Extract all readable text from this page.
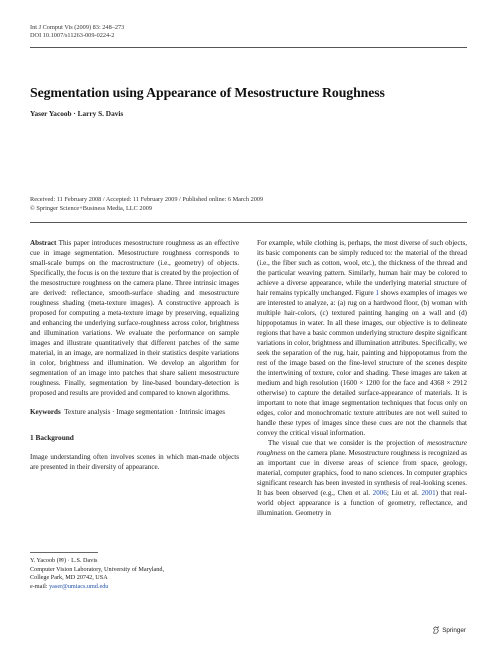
Int J Comput Vis (2009) 83: 248–273
DOI 10.1007/s11263-009-0224-2
Segmentation using Appearance of Mesostructure Roughness
Yaser Yacoob · Larry S. Davis
Received: 11 February 2008 / Accepted: 11 February 2009 / Published online: 6 March 2009
© Springer Science+Business Media, LLC 2009

Abstract This paper introduces mesostructure roughness as an effective cue in image segmentation. Mesostructure roughness corresponds to small-scale bumps on the macrostructure (i.e., geometry) of objects. Specifically, the focus is on the texture that is created by the projection of the mesostructure roughness on the camera plane. Three intrinsic images are derived: reflectance, smooth-surface shading and mesostructure roughness shading (meta-texture images). A constructive approach is proposed for computing a meta-texture image by preserving, equalizing and enhancing the underlying surface-roughness across color, brightness and illumination variations. We evaluate the performance on sample images and illustrate quantitatively that different patches of the same material, in an image, are normalized in their statistics despite variations in color, brightness and illumination. We develop an algorithm for segmentation of an image into patches that share salient mesostructure roughness. Finally, segmentation by line-based boundary-detection is proposed and results are provided and compared to known algorithms.

Keywords Texture analysis · Image segmentation · Intrinsic images

1 Background

Image understanding often involves scenes in which man-made objects are presented in their diversity of appearance.

Y. Yacoob (✉) · L.S. Davis
Computer Vision Laboratory, University of Maryland,
College Park, MD 20742, USA
e-mail: yaser@umiacs.umd.edu

For example, while clothing is, perhaps, the most diverse of such objects, its basic components can be simply reduced to: the material of the thread (i.e., the fiber such as cotton, wool, etc.), the thickness of the thread and the particular weaving pattern. Similarly, human hair may be colored to achieve a diverse appearance, while the underlying material structure of hair remains typically unchanged. Figure 1 shows examples of images we are interested to analyze, a: (a) rug on a hardwood floor, (b) woman with multiple hair-colors, (c) textured painting hanging on a wall and (d) hippopotamus in water. In all these images, our objective is to delineate regions that have a basic common underlying structure despite significant variations in color, brightness and illumination attributes. Specifically, we seek the separation of the rug, hair, painting and hippopotamus from the rest of the image based on the fine-level structure of the scenes despite the intertwining of texture, color and shading. These images are taken at medium and high resolution (1600 × 1200 for the face and 4368 × 2912 otherwise) to capture the detailed surface-appearance of materials. It is important to note that image segmentation techniques that focus only on edges, color and monochromatic texture attributes are not well suited to handle these types of images since these cues are not the channels that convey the critical visual information.

The visual cue that we consider is the projection of mesostructure roughness on the camera plane. Mesostructure roughness is recognized as an important cue in diverse areas of science from space, geology, material, computer graphics, food to nano sciences. In computer graphics significant research has been invested in synthesis of real-looking scenes. It has been observed (e.g., Chen et al. 2006; Liu et al. 2001) that real-world object appearance is a function of geometry, reflectance, and illumination. Geometry in

Springer
